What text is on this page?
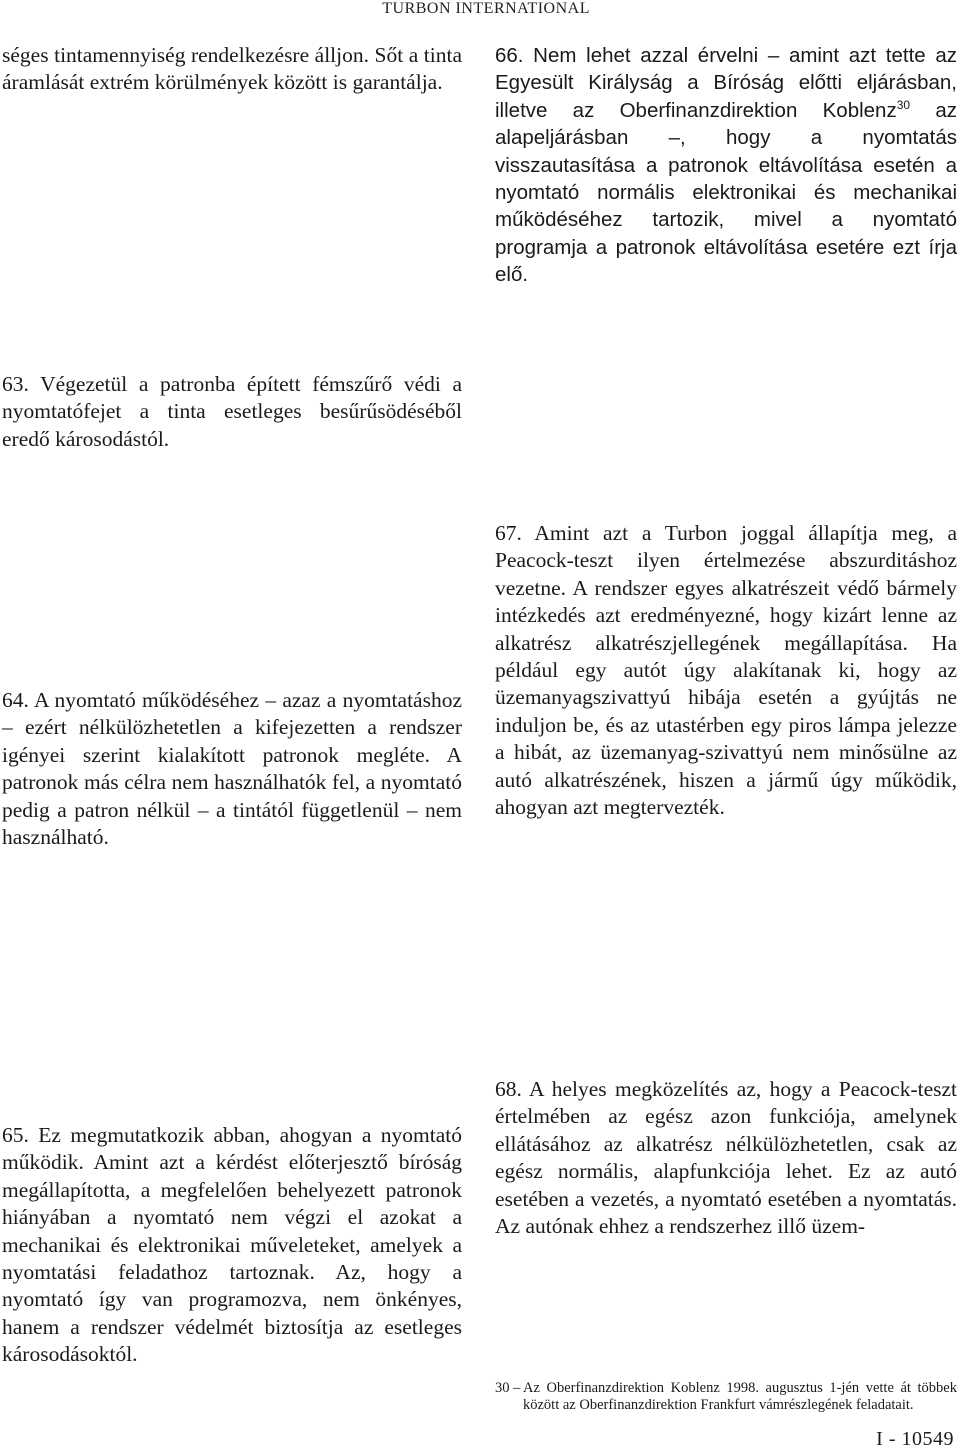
TURBON INTERNATIONAL

séges tintamennyiség rendelkezésre álljon. Sőt a tinta áramlását extrém körülmények között is garantálja.

66. Nem lehet azzal érvelni – amint azt tette az Egyesült Királyság a Bíróság előtti eljárásban, illetve az Oberfinanzdirektion Koblenz$^{30}$ az alapeljárásban –, hogy a nyomtatás visszautasítása a patronok eltávolítása esetén a nyomtató normális elektronikai és mechanikai működéséhez tartozik, mivel a nyomtató programja a patronok eltávolítása esetére ezt írja elő.

63. Végezetül a patronba épített fémszűrő védi a nyomtatófejet a tinta esetleges besűrűsödéséből eredő károsodástól.

67. Amint azt a Turbon joggal állapítja meg, a Peacock-teszt ilyen értelmezése abszurditáshoz vezetne. A rendszer egyes alkatrészeit védő bármely intézkedés azt eredményezné, hogy kizárt lenne az alkatrész alkatrészjellegének megállapítása. Ha például egy autót úgy alakítanak ki, hogy az üzemanyagszivattyú hibája esetén a gyújtás ne induljon be, és az utastérben egy piros lámpa jelezze a hibát, az üzemanyag-szivattyú nem minősülne az autó alkatrészének, hiszen a jármű úgy működik, ahogyan azt megtervezték.

64. A nyomtató működéséhez – azaz a nyomtatáshoz – ezért nélkülözhetetlen a kifejezetten a rendszer igényei szerint kialakított patronok megléte. A patronok más célra nem használhatók fel, a nyomtató pedig a patron nélkül – a tintától függetlenül – nem használható.

68. A helyes megközelítés az, hogy a Peacock-teszt értelmében az egész azon funkciója, amelynek ellátásához az alkatrész nélkülözhetetlen, csak az egész normális, alapfunkciója lehet. Ez az autó esetében a vezetés, a nyomtató esetében a nyomtatás. Az autónak ehhez a rendszerhez illő üzem-

65. Ez megmutatkozik abban, ahogyan a nyomtató működik. Amint azt a kérdést előterjesztő bíróság megállapította, a megfelelően behelyezett patronok hiányában a nyomtató nem végzi el azokat a mechanikai és elektronikai műveleteket, amelyek a nyomtatási feladathoz tartoznak. Az, hogy a nyomtató így van programozva, nem önkényes, hanem a rendszer védelmét biztosítja az esetleges károsodásoktól.

30 – Az Oberfinanzdirektion Koblenz 1998. augusztus 1-jén vette át többek között az Oberfinanzdirektion Frankfurt vámrészlegének feladatait.
I - 10549
